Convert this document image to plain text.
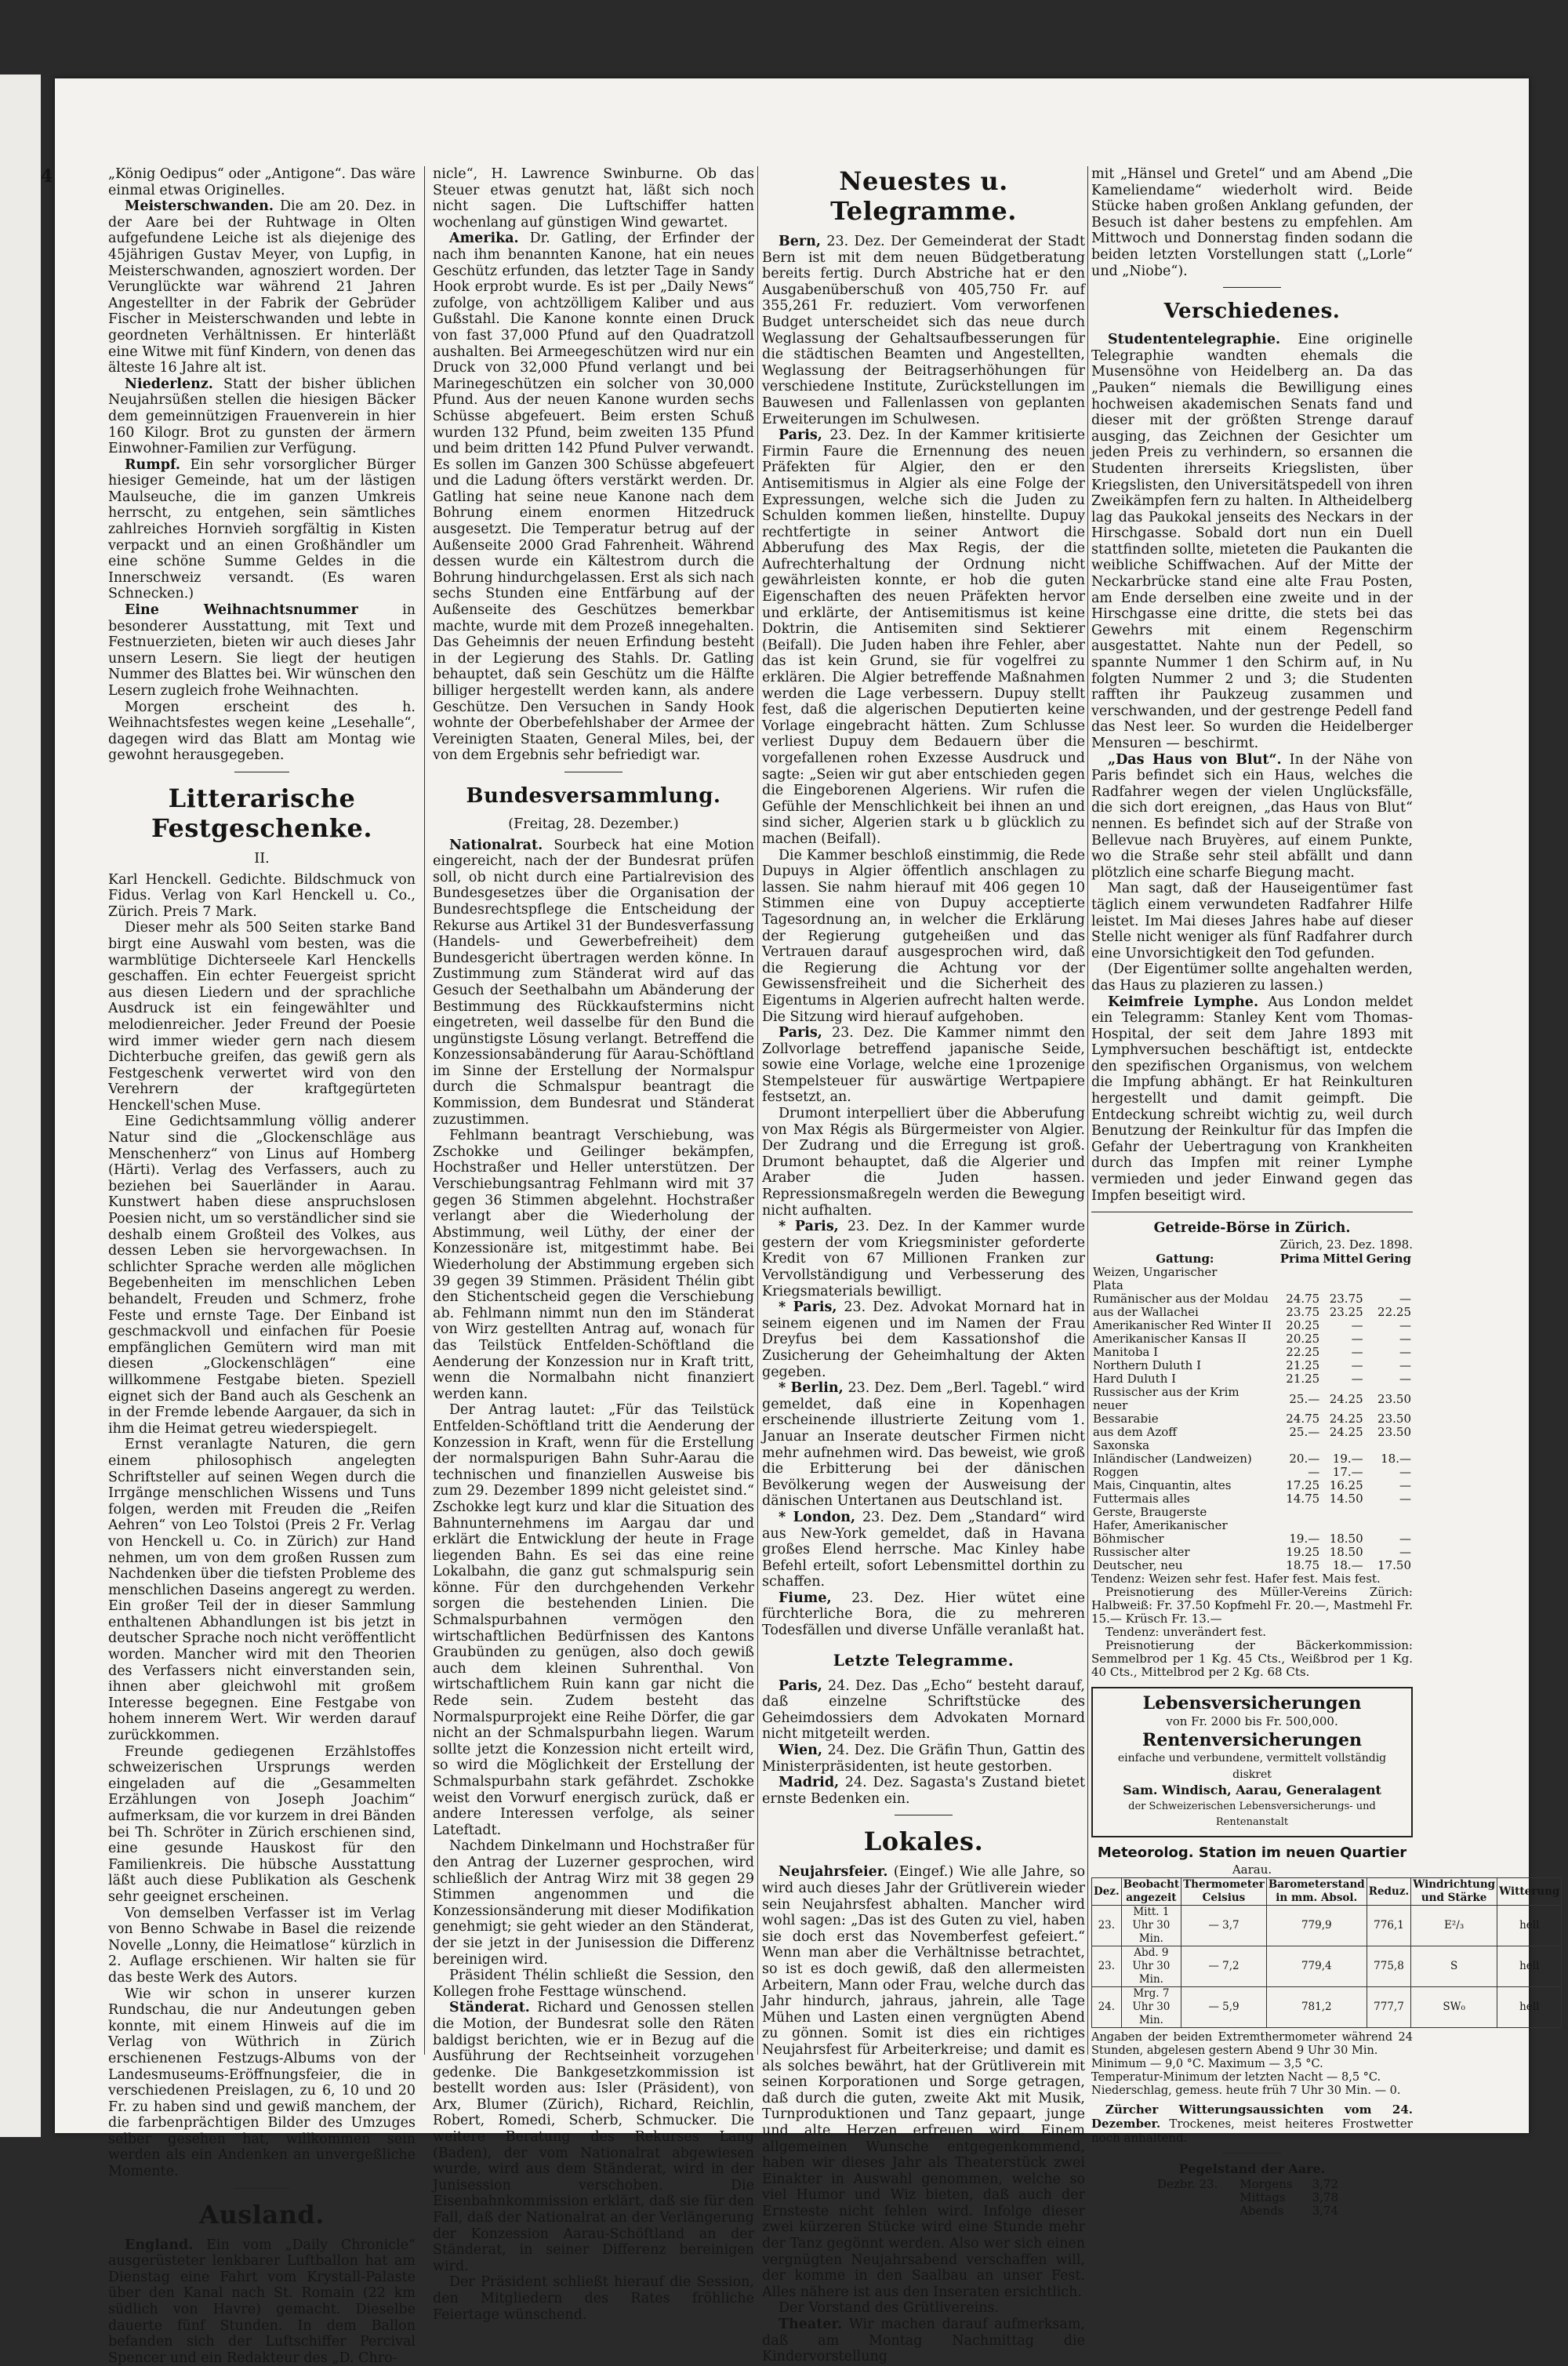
4	„König Oedipus“ oder „Antigone“. Das wäre einmal etwas Originelles.

Meisterschwanden. Die am 20. Dez. in der Aare bei der Ruhtwage in Olten aufgefundene Leiche ist als diejenige des 45jährigen Gustav Meyer, von Lupfig, in Meisterschwanden, agnosziert worden. Der Verunglückte war während 21 Jahren Angestellter in der Fabrik der Gebrüder Fischer in Meisterschwanden und lebte in geordneten Verhältnissen. Er hinterläßt eine Witwe mit fünf Kindern, von denen das älteste 16 Jahre alt ist.

Niederlenz. Statt der bisher üblichen Neujahrsüßen stellen die hiesigen Bäcker dem gemeinnützigen Frauenverein in hier 160 Kilogr. Brot zu gunsten der ärmern Einwohner-Familien zur Verfügung.

Rumpf. Ein sehr vorsorglicher Bürger hiesiger Gemeinde, hat um der lästigen Maulseuche, die im ganzen Umkreis herrscht, zu entgehen, sein sämtliches zahlreiches Hornvieh sorgfältig in Kisten verpackt und an einen Großhändler um eine schöne Summe Geldes in die Innerschweiz versandt. (Es waren Schnecken.)

Eine Weihnachtsnummer	in besonderer Ausstattung, mit Text und Festnuerzieten, bieten wir auch dieses Jahr unsern Lesern. Sie liegt der heutigen Nummer des Blattes bei. Wir wünschen den Lesern zugleich frohe Weihnachten.

Morgen erscheint des h. Weihnachtsfestes wegen keine „Lesehalle“, dagegen wird das Blatt am Montag wie gewohnt herausgegeben.

Litterarische Festgeschenke.
II.

Karl Henckell. Gedichte. Bildschmuck von Fidus. Verlag von Karl Henckell u. Co., Zürich. Preis 7 Mark.

Dieser mehr als 500 Seiten starke Band birgt eine Auswahl vom besten, was die warmblütige Dichterseele Karl Henckells geschaffen. Ein echter Feuergeist spricht aus diesen Liedern und der sprachliche Ausdruck ist ein feingewählter und melodienreicher. Jeder Freund der Poesie wird immer wieder gern nach diesem Dichterbuche greifen, das gewiß gern als Festgeschenk verwertet wird von den Verehrern der kraftgegürteten Henckell'schen Muse.

Eine Gedichtsammlung völlig anderer Natur sind die „Glockenschläge aus Menschenherz“ von Linus auf Homberg (Härti). Verlag des Verfassers, auch zu beziehen bei Sauerländer in Aarau. Kunstwert haben diese anspruchslosen Poesien nicht, um so verständlicher sind sie deshalb einem Großteil des Volkes, aus dessen Leben sie hervorgewachsen. In schlichter Sprache werden alle möglichen Begebenheiten im menschlichen Leben behandelt, Freuden und Schmerz, frohe Feste und ernste Tage. Der Einband ist geschmackvoll und einfachen für Poesie empfänglichen Gemütern wird man mit diesen „Glockenschlägen“ eine willkommene Festgabe bieten. Speziell eignet sich der Band auch als Geschenk an in der Fremde lebende Aargauer, da sich in ihm die Heimat getreu wiederspiegelt.

Ernst veranlagte Naturen, die gern einem philosophisch angelegten Schriftsteller auf seinen Wegen durch die Irrgänge menschlichen Wissens und Tuns folgen, werden mit Freuden die „Reifen Aehren“ von Leo Tolstoi (Preis 2 Fr. Verlag von Henckell u. Co. in Zürich) zur Hand nehmen, um von dem großen Russen zum Nachdenken über die tiefsten Probleme des menschlichen Daseins angeregt zu werden. Ein großer Teil der in dieser Sammlung enthaltenen Abhandlungen ist bis jetzt in deutscher Sprache noch nicht veröffentlicht worden. Mancher wird mit den Theorien des Verfassers nicht einverstanden sein, ihnen aber gleichwohl mit großem Interesse begegnen. Eine Festgabe von hohem innerem Wert. Wir werden darauf zurückkommen.

Freunde gediegenen Erzählstoffes schweizerischen Ursprungs werden eingeladen auf die „Gesammelten Erzählungen von Joseph Joachim“ aufmerksam, die vor kurzem in drei Bänden bei Th. Schröter in Zürich erschienen sind, eine gesunde Hauskost für den Familienkreis. Die hübsche Ausstattung läßt auch diese Publikation als Geschenk sehr geeignet erscheinen.

Von demselben Verfasser ist im Verlag von Benno Schwabe in Basel die reizende Novelle „Lonny, die Heimatlose“ kürzlich in 2. Auflage erschienen. Wir halten sie für das beste Werk des Autors.

Wie wir schon in unserer kurzen Rundschau, die nur Andeutungen geben konnte, mit einem Hinweis auf die im Verlag von Wüthrich in Zürich erschienenen Festzugs-Albums von der Landesmuseums-Eröffnungsfeier, die in verschiedenen Preislagen, zu 6, 10 und 20 Fr. zu haben sind und gewiß manchem, der die farbenprächtigen Bilder des Umzuges selber gesehen hat, willkommen sein werden als ein Andenken an unvergeßliche Momente.

Ausland.

England. Ein vom „Daily Chronicle“ ausgerüsteter lenkbarer Luftballon hat am Dienstag eine Fahrt vom Krystall-Palaste über den Kanal nach St. Romain (22 km südlich von Havre) gemacht. Dieselbe dauerte fünf Stunden. In dem Ballon befanden sich der Luftschiffer Percival Spencer und ein Redakteur des „D. Chro-

nicle“, H. Lawrence Swinburne. Ob das Steuer etwas genutzt hat, läßt sich noch nicht sagen. Die Luftschiffer hatten wochenlang auf günstigen Wind gewartet.

Amerika. Dr. Gatling, der Erfinder der nach ihm benannten Kanone, hat ein neues Geschütz erfunden, das letzter Tage in Sandy Hook erprobt wurde. Es ist per „Daily News“ zufolge, von achtzölligem Kaliber und aus Gußstahl. Die Kanone konnte einen Druck von fast 37,000 Pfund auf den Quadratzoll aushalten. Bei Armeegeschützen wird nur ein Druck von 32,000 Pfund verlangt und bei Marinegeschützen ein solcher von 30,000 Pfund. Aus der neuen Kanone wurden sechs Schüsse abgefeuert. Beim ersten Schuß wurden 132 Pfund, beim zweiten 135 Pfund und beim dritten 142 Pfund Pulver verwandt. Es sollen im Ganzen 300 Schüsse abgefeuert und die Ladung öfters verstärkt werden. Dr. Gatling hat seine neue Kanone nach dem Bohrung einem enormen Hitzedruck ausgesetzt. Die Temperatur betrug auf der Außenseite 2000 Grad Fahrenheit. Während dessen wurde ein Kältestrom durch die Bohrung hindurchgelassen. Erst als sich nach sechs Stunden eine Entfärbung auf der Außenseite des Geschützes bemerkbar machte, wurde mit dem Prozeß innegehalten. Das Geheimnis der neuen Erfindung besteht in der Legierung des Stahls. Dr. Gatling behauptet, daß sein Geschütz um die Hälfte billiger hergestellt werden kann, als andere Geschütze. Den Versuchen in Sandy Hook wohnte der Oberbefehlshaber der Armee der Vereinigten Staaten, General Miles, bei, der von dem Ergebnis sehr befriedigt war.

Bundesversammlung.
(Freitag, 28. Dezember.)

Nationalrat. Sourbeck hat eine Motion eingereicht, nach der der Bundesrat prüfen soll, ob nicht durch eine Partialrevision des Bundesgesetzes über die Organisation der Bundesrechtspflege die Entscheidung der Rekurse aus Artikel 31 der Bundesverfassung (Handels- und Gewerbefreiheit) dem Bundesgericht übertragen werden könne. In Zustimmung zum Ständerat wird auf das Gesuch der Seethalbahn um Abänderung der Bestimmung des Rückkaufstermins nicht eingetreten, weil dasselbe für den Bund die ungünstigste Lösung verlangt. Betreffend die Konzessionsabänderung für Aarau-Schöftland im Sinne der Erstellung der Normalspur durch die Schmalspur beantragt die Kommission, dem Bundesrat und Ständerat zuzustimmen.

Fehlmann beantragt Verschiebung, was Zschokke und Geilinger bekämpfen, Hochstraßer und Heller unterstützen. Der Verschiebungsantrag Fehlmann wird mit 37 gegen 36 Stimmen abgelehnt. Hochstraßer verlangt aber die Wiederholung der Abstimmung, weil Lüthy, der einer der Konzessionäre ist, mitgestimmt habe. Bei Wiederholung der Abstimmung ergeben sich 39 gegen 39 Stimmen. Präsident Thélin gibt den Stichentscheid gegen die Verschiebung ab. Fehlmann nimmt nun den im Ständerat von Wirz gestellten Antrag auf, wonach für das Teilstück Entfelden-Schöftland die Aenderung der Konzession nur in Kraft tritt, wenn die Normalbahn nicht finanziert werden kann.

Der Antrag lautet: „Für das Teilstück Entfelden-Schöftland tritt die Aenderung der Konzession in Kraft, wenn für die Erstellung der normalspurigen Bahn Suhr-Aarau die technischen und finanziellen Ausweise bis zum 29. Dezember 1899 nicht geleistet sind.“ Zschokke legt kurz und klar die Situation des Bahnunternehmens im Aargau dar und erklärt die Entwicklung der heute in Frage liegenden Bahn. Es sei das eine reine Lokalbahn, die ganz gut schmalspurig sein könne. Für den durchgehenden Verkehr sorgen die bestehenden Linien. Die Schmalspurbahnen vermögen den wirtschaftlichen Bedürfnissen des Kantons Graubünden zu genügen, also doch gewiß auch dem kleinen Suhrenthal. Von wirtschaftlichem Ruin kann gar nicht die Rede sein. Zudem besteht das Normalspurprojekt eine Reihe Dörfer, die gar nicht an der Schmalspurbahn liegen. Warum sollte jetzt die Konzession nicht erteilt wird, so wird die Möglichkeit der Erstellung der Schmalspurbahn stark gefährdet. Zschokke weist den Vorwurf energisch zurück, daß er andere Interessen verfolge, als seiner Lateftadt.

Nachdem Dinkelmann und Hochstraßer für den Antrag der Luzerner gesprochen, wird schließlich der Antrag Wirz mit 38 gegen 29 Stimmen angenommen und die Konzessionsänderung mit dieser Modifikation genehmigt; sie geht wieder an den Ständerat, der sie jetzt in der Junisession die Differenz bereinigen wird.

Präsident Thélin schließt die Session, den Kollegen frohe Festtage wünschend.

Ständerat. Richard und Genossen stellen die Motion, der Bundesrat solle den Räten baldigst berichten, wie er in Bezug auf die Ausführung der Rechtseinheit vorzugehen gedenke. Die Bankgesetzkommission ist bestellt worden aus: Isler (Präsident), von Arx, Blumer (Zürich), Richard, Reichlin, Robert, Romedi, Scherb, Schmucker. Die weitere Beratung des Rekurses Lang (Baden), der vom Nationalrat abgewiesen wurde, wird aus dem Ständerat, wird in der Junisession verschoben. Die Eisenbahnkommission erklärt, daß sie für den Fall, daß der Nationalrat an der Verlängerung der Konzession Aarau-Schöftland an der Ständerat, in seiner Differenz bereinigen wird.

Der Präsident schließt hierauf die Session, den Mitgliedern des Rates fröhliche Feiertage wünschend.

Neuestes u. Telegramme.

Bern, 23. Dez. Der Gemeinderat der Stadt Bern ist mit dem neuen Büdgetberatung bereits fertig. Durch Abstriche hat er den Ausgabenüberschuß von 405,750 Fr. auf 355,261 Fr. reduziert. Vom verworfenen Budget unterscheidet sich das neue durch Weglassung der Gehaltsaufbesserungen für die städtischen Beamten und Angestellten, Weglassung der Beitragserhöhungen für verschiedene Institute, Zurückstellungen im Bauwesen und Fallenlassen von geplanten Erweiterungen im Schulwesen.

Paris, 23. Dez. In der Kammer kritisierte Firmin Faure die Ernennung des neuen Präfekten für Algier, den er den Antisemitismus in Algier als eine Folge der Expressungen, welche sich die Juden zu Schulden kommen ließen, hinstellte. Dupuy rechtfertigte in seiner Antwort die Abberufung des Max Regis, der die Aufrechterhaltung der Ordnung nicht gewährleisten konnte, er hob die guten Eigenschaften des neuen Präfekten hervor und erklärte, der Antisemitismus ist keine Doktrin, die Antisemiten sind Sektierer (Beifall). Die Juden haben ihre Fehler, aber das ist kein Grund, sie für vogelfrei zu erklären. Die Algier betreffende Maßnahmen werden die Lage verbessern. Dupuy stellt fest, daß die algerischen Deputierten keine Vorlage eingebracht hätten. Zum Schlusse verliest Dupuy dem Bedauern über die vorgefallenen rohen Exzesse Ausdruck und sagte: „Seien wir gut aber entschieden gegen die Eingeborenen Algeriens. Wir rufen die Gefühle der Menschlichkeit bei ihnen an und sind sicher, Algerien stark u b glücklich zu machen (Beifall).

Die Kammer beschloß einstimmig, die Rede Dupuys in Algier öffentlich anschlagen zu lassen. Sie nahm hierauf mit 406 gegen 10 Stimmen eine von Dupuy acceptierte Tagesordnung an, in welcher die Erklärung der Regierung gutgeheißen und das Vertrauen darauf ausgesprochen wird, daß die Regierung die Achtung vor der Gewissensfreiheit und die Sicherheit des Eigentums in Algerien aufrecht halten werde. Die Sitzung wird hierauf aufgehoben.

Paris, 23. Dez. Die Kammer nimmt den Zollvorlage betreffend japanische Seide, sowie eine Vorlage, welche eine 1prozenige Stempelsteuer für auswärtige Wertpapiere festsetzt, an.

Drumont interpelliert über die Abberufung von Max Régis als Bürgermeister von Algier. Der Zudrang und die Erregung ist groß. Drumont behauptet, daß die Algerier und Araber die Juden hassen. Repressionsmaßregeln werden die Bewegung nicht aufhalten.

* Paris, 23. Dez. In der Kammer wurde gestern der vom Kriegsminister geforderte Kredit von 67 Millionen Franken zur Vervollständigung und Verbesserung des Kriegsmaterials bewilligt.

* Paris, 23. Dez. Advokat Mornard hat in seinem eigenen und im Namen der Frau Dreyfus bei dem Kassationshof die Zusicherung der Geheimhaltung der Akten gegeben.

* Berlin, 23. Dez. Dem „Berl. Tagebl.“ wird gemeldet, daß eine in Kopenhagen erscheinende illustrierte Zeitung vom 1. Januar an Inserate deutscher Firmen nicht mehr aufnehmen wird. Das beweist, wie groß die Erbitterung bei der dänischen Bevölkerung wegen der Ausweisung der dänischen Untertanen aus Deutschland ist.

* London, 23. Dez. Dem „Standard“ wird aus New-York gemeldet, daß in Havana großes Elend herrsche. Mac Kinley habe Befehl erteilt, sofort Lebensmittel dorthin zu schaffen.

Fiume, 23. Dez. Hier wütet eine fürchterliche Bora, die zu mehreren Todesfällen und diverse Unfälle veranlaßt hat.

Letzte Telegramme.

Paris, 24. Dez. Das „Echo“ besteht darauf, daß einzelne Schriftstücke des Geheimdossiers dem Advokaten Mornard nicht mitgeteilt werden.

Wien, 24. Dez. Die Gräfin Thun, Gattin des Ministerpräsidenten, ist heute gestorben.

Madrid, 24. Dez. Sagasta's Zustand bietet ernste Bedenken ein.

Lokales.

Neujahrsfeier. (Eingef.) Wie alle Jahre, so wird auch dieses Jahr der Grütliverein wieder sein Neujahrsfest abhalten. Mancher wird wohl sagen: „Das ist des Guten zu viel, haben sie doch erst das Novemberfest gefeiert.“ Wenn man aber die Verhältnisse betrachtet, so ist es doch gewiß, daß den allermeisten Arbeitern, Mann oder Frau, welche durch das Jahr hindurch, jahraus, jahrein, alle Tage Mühen und Lasten einen vergnügten Abend zu gönnen. Somit ist dies ein richtiges Neujahrsfest für Arbeiterkreise; und damit es als solches bewährt, hat der Grütliverein mit seinen Korporationen und Sorge getragen, daß durch die guten, zweite Akt mit Musik, Turnproduktionen und Tanz gepaart, junge und alte Herzen erfreuen wird. Einem allgemeinen Wunsche entgegenkommend, haben wir dieses Jahr als Theaterstück zwei Einakter in Auswahl genommen, welche so viel Humor und Wiz bieten, daß auch der Ernsteste nicht fehlen wird. Infolge dieser zwei kürzeren Stücke wird eine Stunde mehr der Tanz gegönnt werden. Also wer sich einen vergnügten Neujahrsabend verschaffen will, der komme in den Saalbau an unser Fest. Alles nähere ist aus den Inseraten ersichtlich.

Der Vorstand des Grütlivereins.

Theater. Wir machen darauf aufmerksam, daß am Montag Nachmittag die Kindervorstellung

mit „Hänsel und Gretel“ und am Abend „Die Kameliendame“ wiederholt wird. Beide Stücke haben großen Anklang gefunden, der Besuch ist daher bestens zu empfehlen. Am Mittwoch und Donnerstag finden sodann die beiden letzten Vorstellungen statt („Lorle“ und „Niobe“).

Verschiedenes.

Studententelegraphie. Eine originelle Telegraphie wandten ehemals die Musensöhne von Heidelberg an. Da das „Pauken“ niemals die Bewilligung eines hochweisen akademischen Senats fand und dieser mit der größten Strenge darauf ausging, das Zeichnen der Gesichter um jeden Preis zu verhindern, so ersannen die Studenten ihrerseits Kriegslisten, über Kriegslisten, den Universitätspedell von ihren Zweikämpfen fern zu halten. In Altheidelberg lag das Paukokal jenseits des Neckars in der Hirschgasse. Sobald dort nun ein Duell stattfinden sollte, mieteten die Paukanten die weibliche Schiffwachen. Auf der Mitte der Neckarbrücke stand eine alte Frau Posten, am Ende derselben eine zweite und in der Hirschgasse eine dritte, die stets bei das Gewehrs mit einem Regenschirm ausgestattet. Nahte nun der Pedell, so spannte Nummer 1 den Schirm auf, in Nu folgten Nummer 2 und 3; die Studenten rafften ihr Paukzeug zusammen und verschwanden, und der gestrenge Pedell fand das Nest leer. So wurden die Heidelberger Mensuren — beschirmt.

„Das Haus von Blut“. In der Nähe von Paris befindet sich ein Haus, welches die Radfahrer wegen der vielen Unglücksfälle, die sich dort ereignen, „das Haus von Blut“ nennen. Es befindet sich auf der Straße von Bellevue nach Bruyères, auf einem Punkte, wo die Straße sehr steil abfällt und dann plötzlich eine scharfe Biegung macht.

Man sagt, daß der Hauseigentümer fast täglich einem verwundeten Radfahrer Hilfe leistet. Im Mai dieses Jahres habe auf dieser Stelle nicht weniger als fünf Radfahrer durch eine Unvorsichtigkeit den Tod gefunden.

(Der Eigentümer sollte angehalten werden, das Haus zu plazieren zu lassen.)

Keimfreie Lymphe. Aus London meldet ein Telegramm: Stanley Kent vom Thomas-Hospital, der seit dem Jahre 1893 mit Lymphversuchen beschäftigt ist, entdeckte den spezifischen Organismus, von welchem die Impfung abhängt. Er hat Reinkulturen hergestellt und damit geimpft. Die Entdeckung schreibt wichtig zu, weil durch Benutzung der Reinkultur für das Impfen die Gefahr der Uebertragung von Krankheiten durch das Impfen mit reiner Lymphe vermieden und jeder Einwand gegen das Impfen beseitigt wird.

Getreide-Börse in Zürich.
Zürich, 23. Dez. 1898.
Gattung:	Prima	Mittel	Gering
Weizen, Ungarischer			
Plata			
Rumänischer aus der Moldau	24.75	23.75	—
aus der Wallachei	23.75	23.25	22.25
Amerikanischer Red Winter II	20.25	—	—
Amerikanischer Kansas II	20.25	—	—
Manitoba I	22.25	—	—
Northern Duluth I	21.25	—	—
Hard Duluth I	21.25	—	—
Russischer aus der Krim neuer	25.—	24.25	23.50
Bessarabie	24.75	24.25	23.50
aus dem Azoff	25.—	24.25	23.50
Saxonska			
Inländischer (Landweizen)	20.—	19.—	18.—
Roggen	—	17.—	—
Mais, Cinquantin, altes	17.25	16.25	—
Futtermais alles	14.75	14.50	—
Gerste, Braugerste			
Hafer, Amerikanischer			
Böhmischer	19.—	18.50	—
Russischer alter	19.25	18.50	—
Deutscher, neu	18.75	18.—	17.50

Tendenz: Weizen sehr fest. Hafer fest. Mais fest.

Preisnotierung des Müller-Vereins Zürich: Halbweiß: Fr. 37.50 Kopfmehl Fr. 20.—, Mastmehl Fr. 15.— Krüsch Fr. 13.—

Tendenz: unverändert fest.

Preisnotierung der Bäckerkommission: Semmelbrod per 1 Kg. 45 Cts., Weißbrod per 1 Kg. 40 Cts., Mittelbrod per 2 Kg. 68 Cts.

Lebensversicherungen
von Fr. 2000 bis Fr. 500,000.
Rentenversicherungen
einfache und verbundene, vermittelt vollständig diskret
Sam. Windisch, Aarau, Generalagent
der Schweizerischen Lebensversicherungs- und Rentenanstalt
Meteorolog. Station im neuen Quartier
Aarau.
Dez.	Beobacht angezeit	Thermometer Celsius	Barometerstand in mm. Absol.	Reduz.	Windrichtung und Stärke	Witterung
23.	Mitt. 1 Uhr 30 Min.	— 3,7	779,9	776,1	E²/₃	hell
23.	Abd. 9 Uhr 30 Min.	— 7,2	779,4	775,8	S	hell
24.	Mrg. 7 Uhr 30 Min.	— 5,9	781,2	777,7	SW₀	hell

Angaben der beiden Extremthermometer während 24 Stunden, abgelesen gestern Abend 9 Uhr 30 Min.

Minimum — 9,0 °C. Maximum — 3,5 °C.

Temperatur-Minimum der letzten Nacht — 8,5 °C.

Niederschlag, gemess. heute früh 7 Uhr 30 Min. — 0.

Zürcher Witterungsaussichten vom 24. Dezember. Trockenes, meist heiteres Frostwetter noch anhaltend.

Pegelstand der Aare.
Dezbr. 23.	Morgens	3,72
	Mittags	3,78
	Abends	3,74
